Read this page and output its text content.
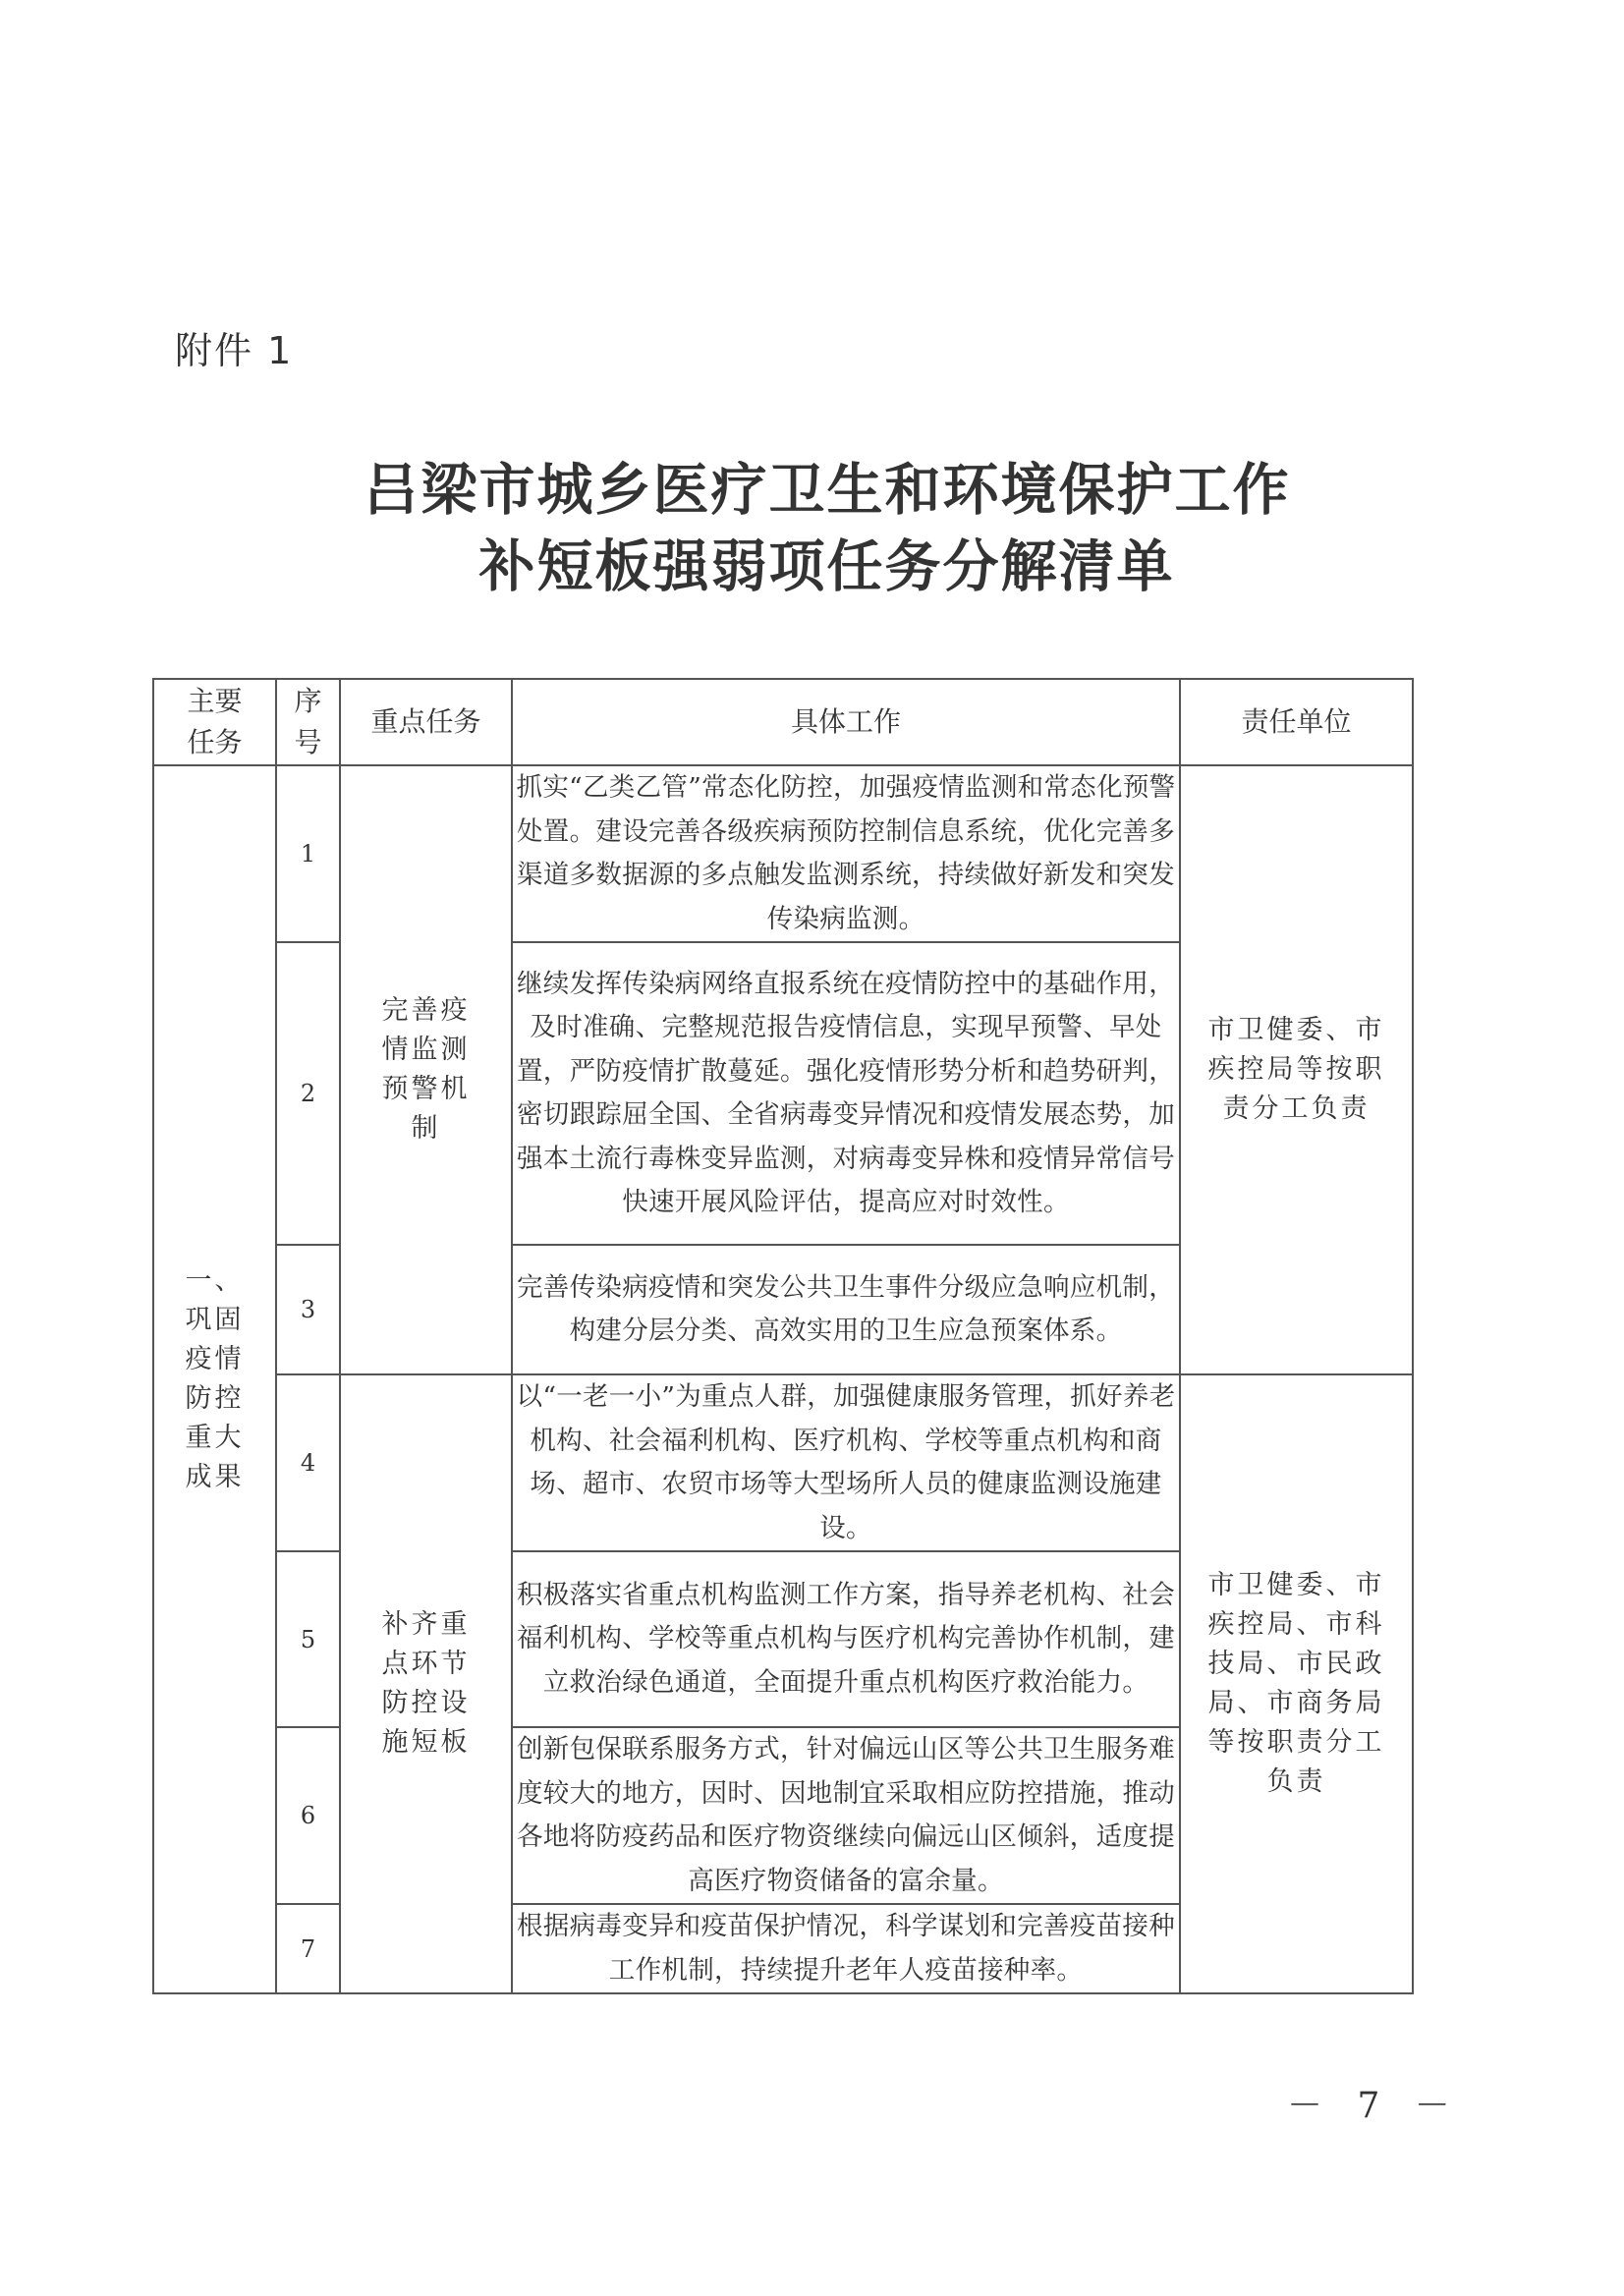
附件 1
吕梁市城乡医疗卫生和环境保护工作
补短板强弱项任务分解清单
主要任务	序号	重点任务	具体工作	责任单位

一、巩固疫情防控重大成果	1	完善疫情监测预警机制	抓实“乙类乙管”常态化防控，加强疫情监测和常态化预警处置。建设完善各级疾病预防控制信息系统，优化完善多渠道多数据源的多点触发监测系统，持续做好新发和突发传染病监测。	市卫健委、市疾控局等按职责分工负责

	2		继续发挥传染病网络直报系统在疫情防控中的基础作用，及时准确、完整规范报告疫情信息，实现早预警、早处置，严防疫情扩散蔓延。强化疫情形势分析和趋势研判，密切跟踪屈全国、全省病毒变异情况和疫情发展态势，加强本土流行毒株变异监测，对病毒变异株和疫情异常信号快速开展风险评估，提高应对时效性。	
	3		完善传染病疫情和突发公共卫生事件分级应急响应机制，构建分层分类、高效实用的卫生应急预案体系。	
	4	补齐重点环节防控设施短板	以“一老一小”为重点人群，加强健康服务管理，抓好养老机构、社会福利机构、医疗机构、学校等重点机构和商场、超市、农贸市场等大型场所人员的健康监测设施建设。	市卫健委、市疾控局、市科技局、市民政局、市商务局等按职责分工负责

	5		积极落实省重点机构监测工作方案，指导养老机构、社会福利机构、学校等重点机构与医疗机构完善协作机制，建立救治绿色通道，全面提升重点机构医疗救治能力。	
	6		创新包保联系服务方式，针对偏远山区等公共卫生服务难度较大的地方，因时、因地制宜采取相应防控措施，推动各地将防疫药品和医疗物资继续向偏远山区倾斜，适度提高医疗物资储备的富余量。	
	7		根据病毒变异和疫苗保护情况，科学谋划和完善疫苗接种工作机制，持续提升老年人疫苗接种率。	
－ 7 －
